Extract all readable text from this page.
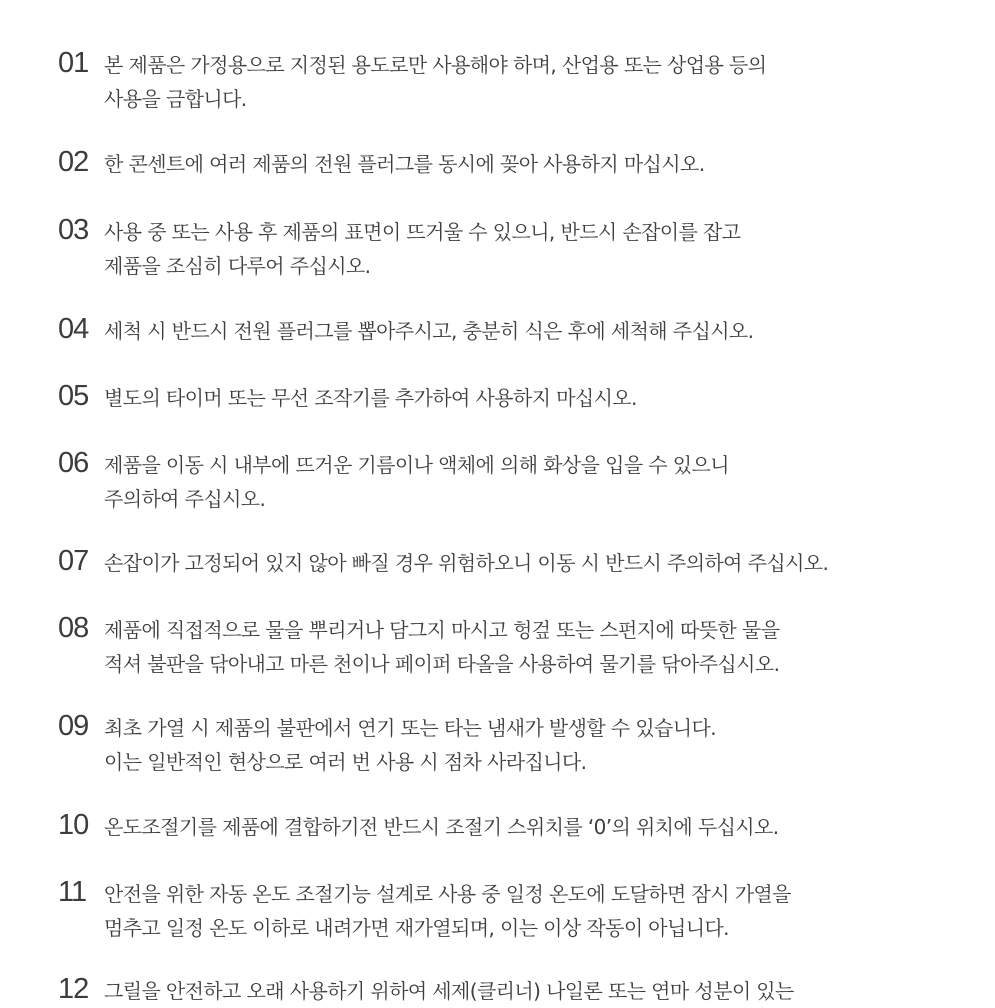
01 본 제품은 가정용으로 지정된 용도로만 사용해야 하며, 산업용 또는 상업용 등의
사용을 금합니다.
02 한 콘센트에 여러 제품의 전원 플러그를 동시에 꽂아 사용하지 마십시오.
03 사용 중 또는 사용 후 제품의 표면이 뜨거울 수 있으니, 반드시 손잡이를 잡고
제품을 조심히 다루어 주십시오.
04 세척 시 반드시 전원 플러그를 뽑아주시고, 충분히 식은 후에 세척해 주십시오.
05 별도의 타이머 또는 무선 조작기를 추가하여 사용하지 마십시오.
06 제품을 이동 시 내부에 뜨거운 기름이나 액체에 의해 화상을 입을 수 있으니
주의하여 주십시오.
07 손잡이가 고정되어 있지 않아 빠질 경우 위험하오니 이동 시 반드시 주의하여 주십시오.
08 제품에 직접적으로 물을 뿌리거나 담그지 마시고 헝겊 또는 스펀지에 따뜻한 물을
적셔 불판을 닦아내고 마른 천이나 페이퍼 타올을 사용하여 물기를 닦아주십시오.
09 최초 가열 시 제품의 불판에서 연기 또는 타는 냄새가 발생할 수 있습니다.
이는 일반적인 현상으로 여러 번 사용 시 점차 사라집니다.
10 온도조절기를 제품에 결합하기전 반드시 조절기 스위치를 ‘0’의 위치에 두십시오.
11 안전을 위한 자동 온도 조절기능 설계로 사용 중 일정 온도에 도달하면 잠시 가열을
멈추고 일정 온도 이하로 내려가면 재가열되며, 이는 이상 작동이 아닙니다.
12 그릴을 안전하고 오래 사용하기 위하여 세제(클리너) 나일론 또는 연마 성분이 있는
